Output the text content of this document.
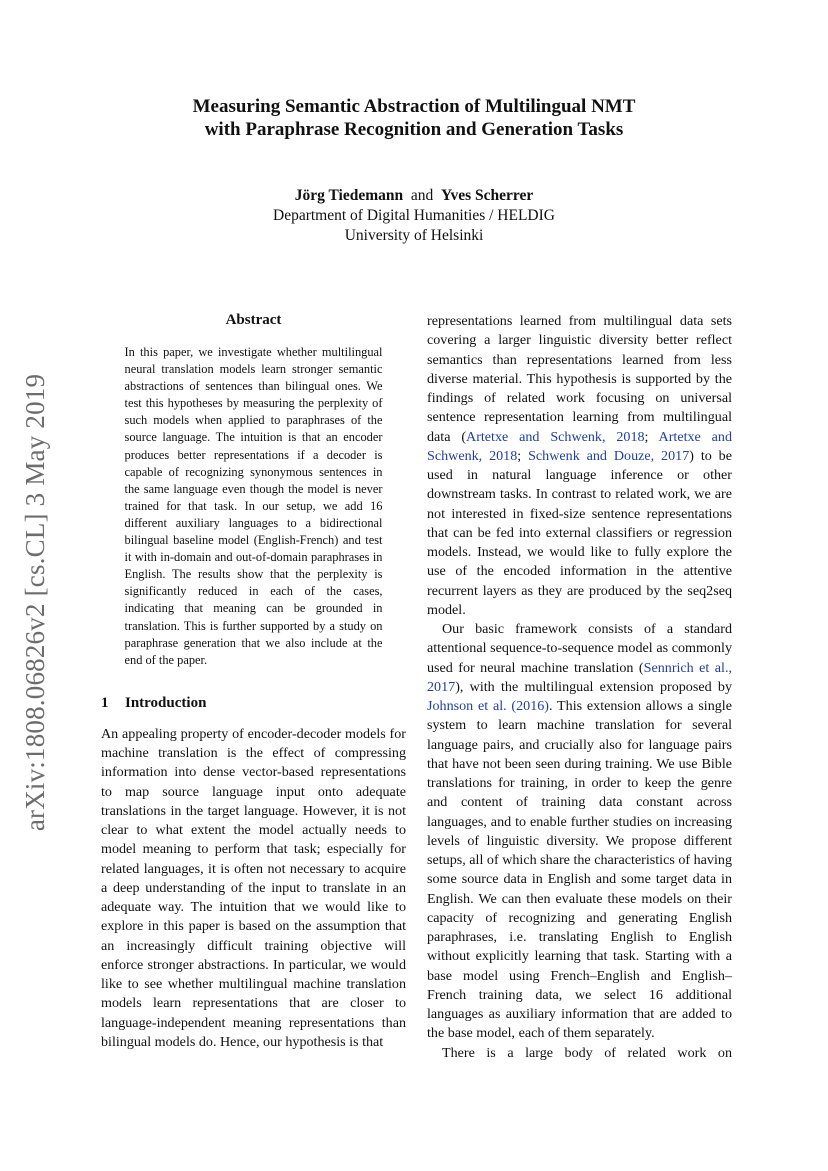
arXiv:1808.06826v2 [cs.CL] 3 May 2019
Measuring Semantic Abstraction of Multilingual NMT
with Paraphrase Recognition and Generation Tasks
Jörg Tiedemann and Yves Scherrer
Department of Digital Humanities / HELDIG
University of Helsinki
Abstract

In this paper, we investigate whether multilingual neural translation models learn stronger semantic abstractions of sentences than bilingual ones. We test this hypotheses by measuring the perplexity of such models when applied to paraphrases of the source language. The intuition is that an encoder produces better representations if a decoder is capable of recognizing synonymous sentences in the same language even though the model is never trained for that task. In our setup, we add 16 different auxiliary languages to a bidirectional bilingual baseline model (English-French) and test it with in-domain and out-of-domain paraphrases in English. The results show that the perplexity is significantly reduced in each of the cases, indicating that meaning can be grounded in translation. This is further supported by a study on paraphrase generation that we also include at the end of the paper.

1 Introduction

An appealing property of encoder-decoder models for machine translation is the effect of compressing information into dense vector-based representations to map source language input onto adequate translations in the target language. However, it is not clear to what extent the model actually needs to model meaning to perform that task; especially for related languages, it is often not necessary to acquire a deep understanding of the input to translate in an adequate way. The intuition that we would like to explore in this paper is based on the assumption that an increasingly difficult training objective will enforce stronger abstractions. In particular, we would like to see whether multilingual machine translation models learn representations that are closer to language-independent meaning representations than bilingual models do. Hence, our hypothesis is that

representations learned from multilingual data sets covering a larger linguistic diversity better reflect semantics than representations learned from less diverse material. This hypothesis is supported by the findings of related work focusing on universal sentence representation learning from multilingual data (Artetxe and Schwenk, 2018; Artetxe and Schwenk, 2018; Schwenk and Douze, 2017) to be used in natural language inference or other downstream tasks. In contrast to related work, we are not interested in fixed-size sentence representations that can be fed into external classifiers or regression models. Instead, we would like to fully explore the use of the encoded information in the attentive recurrent layers as they are produced by the seq2seq model.

Our basic framework consists of a standard attentional sequence-to-sequence model as commonly used for neural machine translation (Sennrich et al., 2017), with the multilingual extension proposed by Johnson et al. (2016). This extension allows a single system to learn machine translation for several language pairs, and crucially also for language pairs that have not been seen during training. We use Bible translations for training, in order to keep the genre and content of training data constant across languages, and to enable further studies on increasing levels of linguistic diversity. We propose different setups, all of which share the characteristics of having some source data in English and some target data in English. We can then evaluate these models on their capacity of recognizing and generating English paraphrases, i.e. translating English to English without explicitly learning that task. Starting with a base model using French–English and English–French training data, we select 16 additional languages as auxiliary information that are added to the base model, each of them separately.

There is a large body of related work on
